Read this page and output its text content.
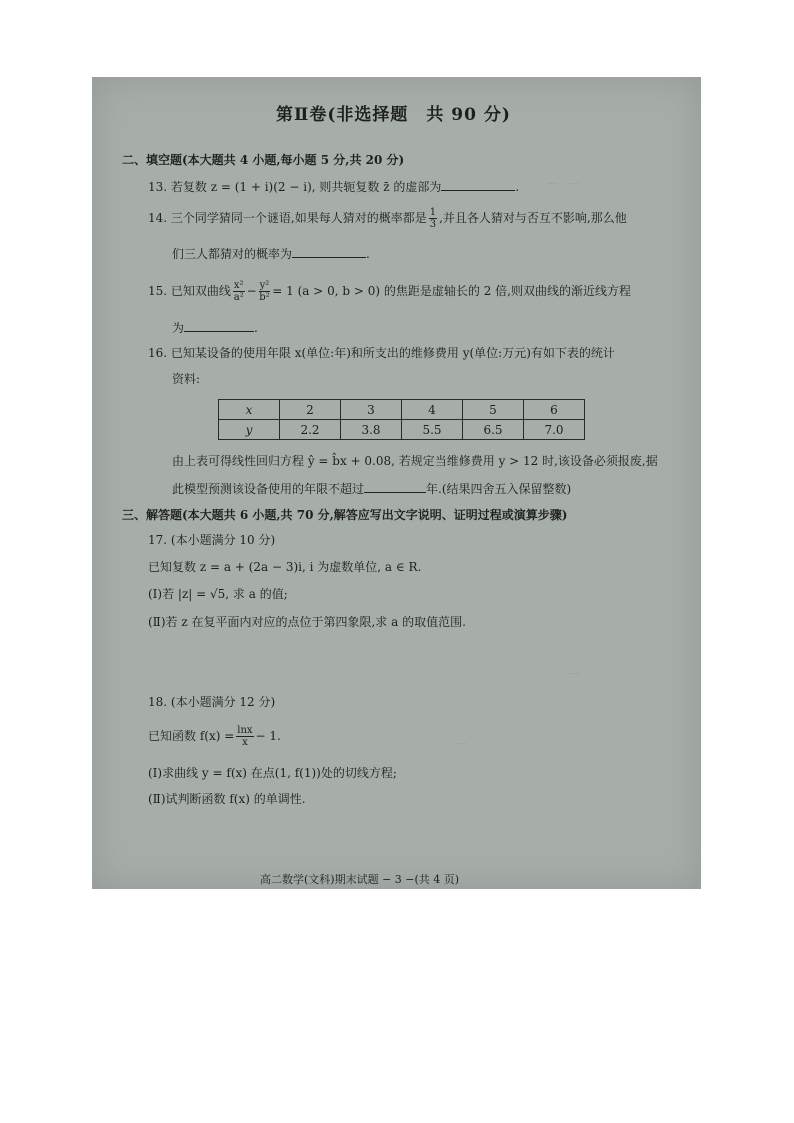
· · · ·
— · —
· — · ·
· · —
第Ⅱ卷(非选择题　共 90 分)
二、填空题(本大题共 4 小题,每小题 5 分,共 20 分)
13. 若复数 z = (1 + i)(2 − i), 则共轭复数 z̄ 的虚部为	.
14. 三个同学猜同一个谜语,如果每人猜对的概率都是 $\frac{1}{3}$ ,并且各人猜对与否互不影响,那么他
们三人都猜对的概率为	.
15. 已知双曲线 $\frac{\text{x²}}{\text{a²}} - \frac{\text{y²}}{\text{b²}} = 1$ (a > 0, b > 0) 的焦距是虚轴长的 2 倍,则双曲线的渐近线方程
为	.
16. 已知某设备的使用年限 x(单位:年)和所支出的维修费用 y(单位:万元)有如下表的统计
资料:
x	2	3	4	5	6
y	2.2	3.8	5.5	6.5	7.0
由上表可得线性回归方程 ŷ = b̂x + 0.08, 若规定当维修费用 y > 12 时,该设备必须报废,据
此模型预测该设备使用的年限不超过	年.(结果四舍五入保留整数)
三、解答题(本大题共 6 小题,共 70 分,解答应写出文字说明、证明过程或演算步骤)
17. (本小题满分 10 分)
已知复数 z = a + (2a − 3)i, i 为虚数单位, a ∈ R.
(Ⅰ)若 |z| = √5, 求 a 的值;
(Ⅱ)若 z 在复平面内对应的点位于第四象限,求 a 的取值范围.
18. (本小题满分 12 分)
已知函数 $f(x) = \frac{\ln x}{x} - 1$.
(Ⅰ)求曲线 y = f(x) 在点(1, f(1))处的切线方程;
(Ⅱ)试判断函数 f(x) 的单调性.
高二数学(文科)期末试题 − 3 −(共 4 页)
